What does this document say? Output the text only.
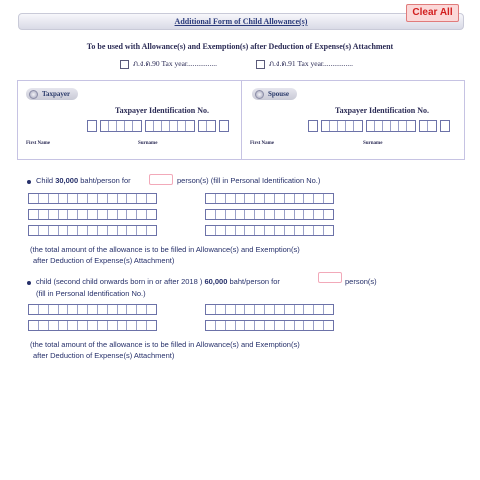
Additional Form of Child Allowance(s)
Clear All
To be used with Allowance(s) and Exemption(s) after Deduction of Expense(s) Attachment
ภ.ง.ด.90 Tax year................	ภ.ง.ด.91 Tax year................
Taxpayer
Taxpayer Identification No.
First Name	Surname
Spouse
Taxpayer Identification No.
First Name	Surname
Child 30,000 baht/person for	person(s) (fill in Personal Identification No.)
(the total amount of the allowance is to be filled in Allowance(s) and Exemption(s)
after Deduction of Expense(s) Attachment)
child (second child onwards born in or after 2018 ) 60,000 baht/person for	person(s)
(fill in Personal Identification No.)
(the total amount of the allowance is to be filled in Allowance(s) and Exemption(s)
after Deduction of Expense(s) Attachment)
